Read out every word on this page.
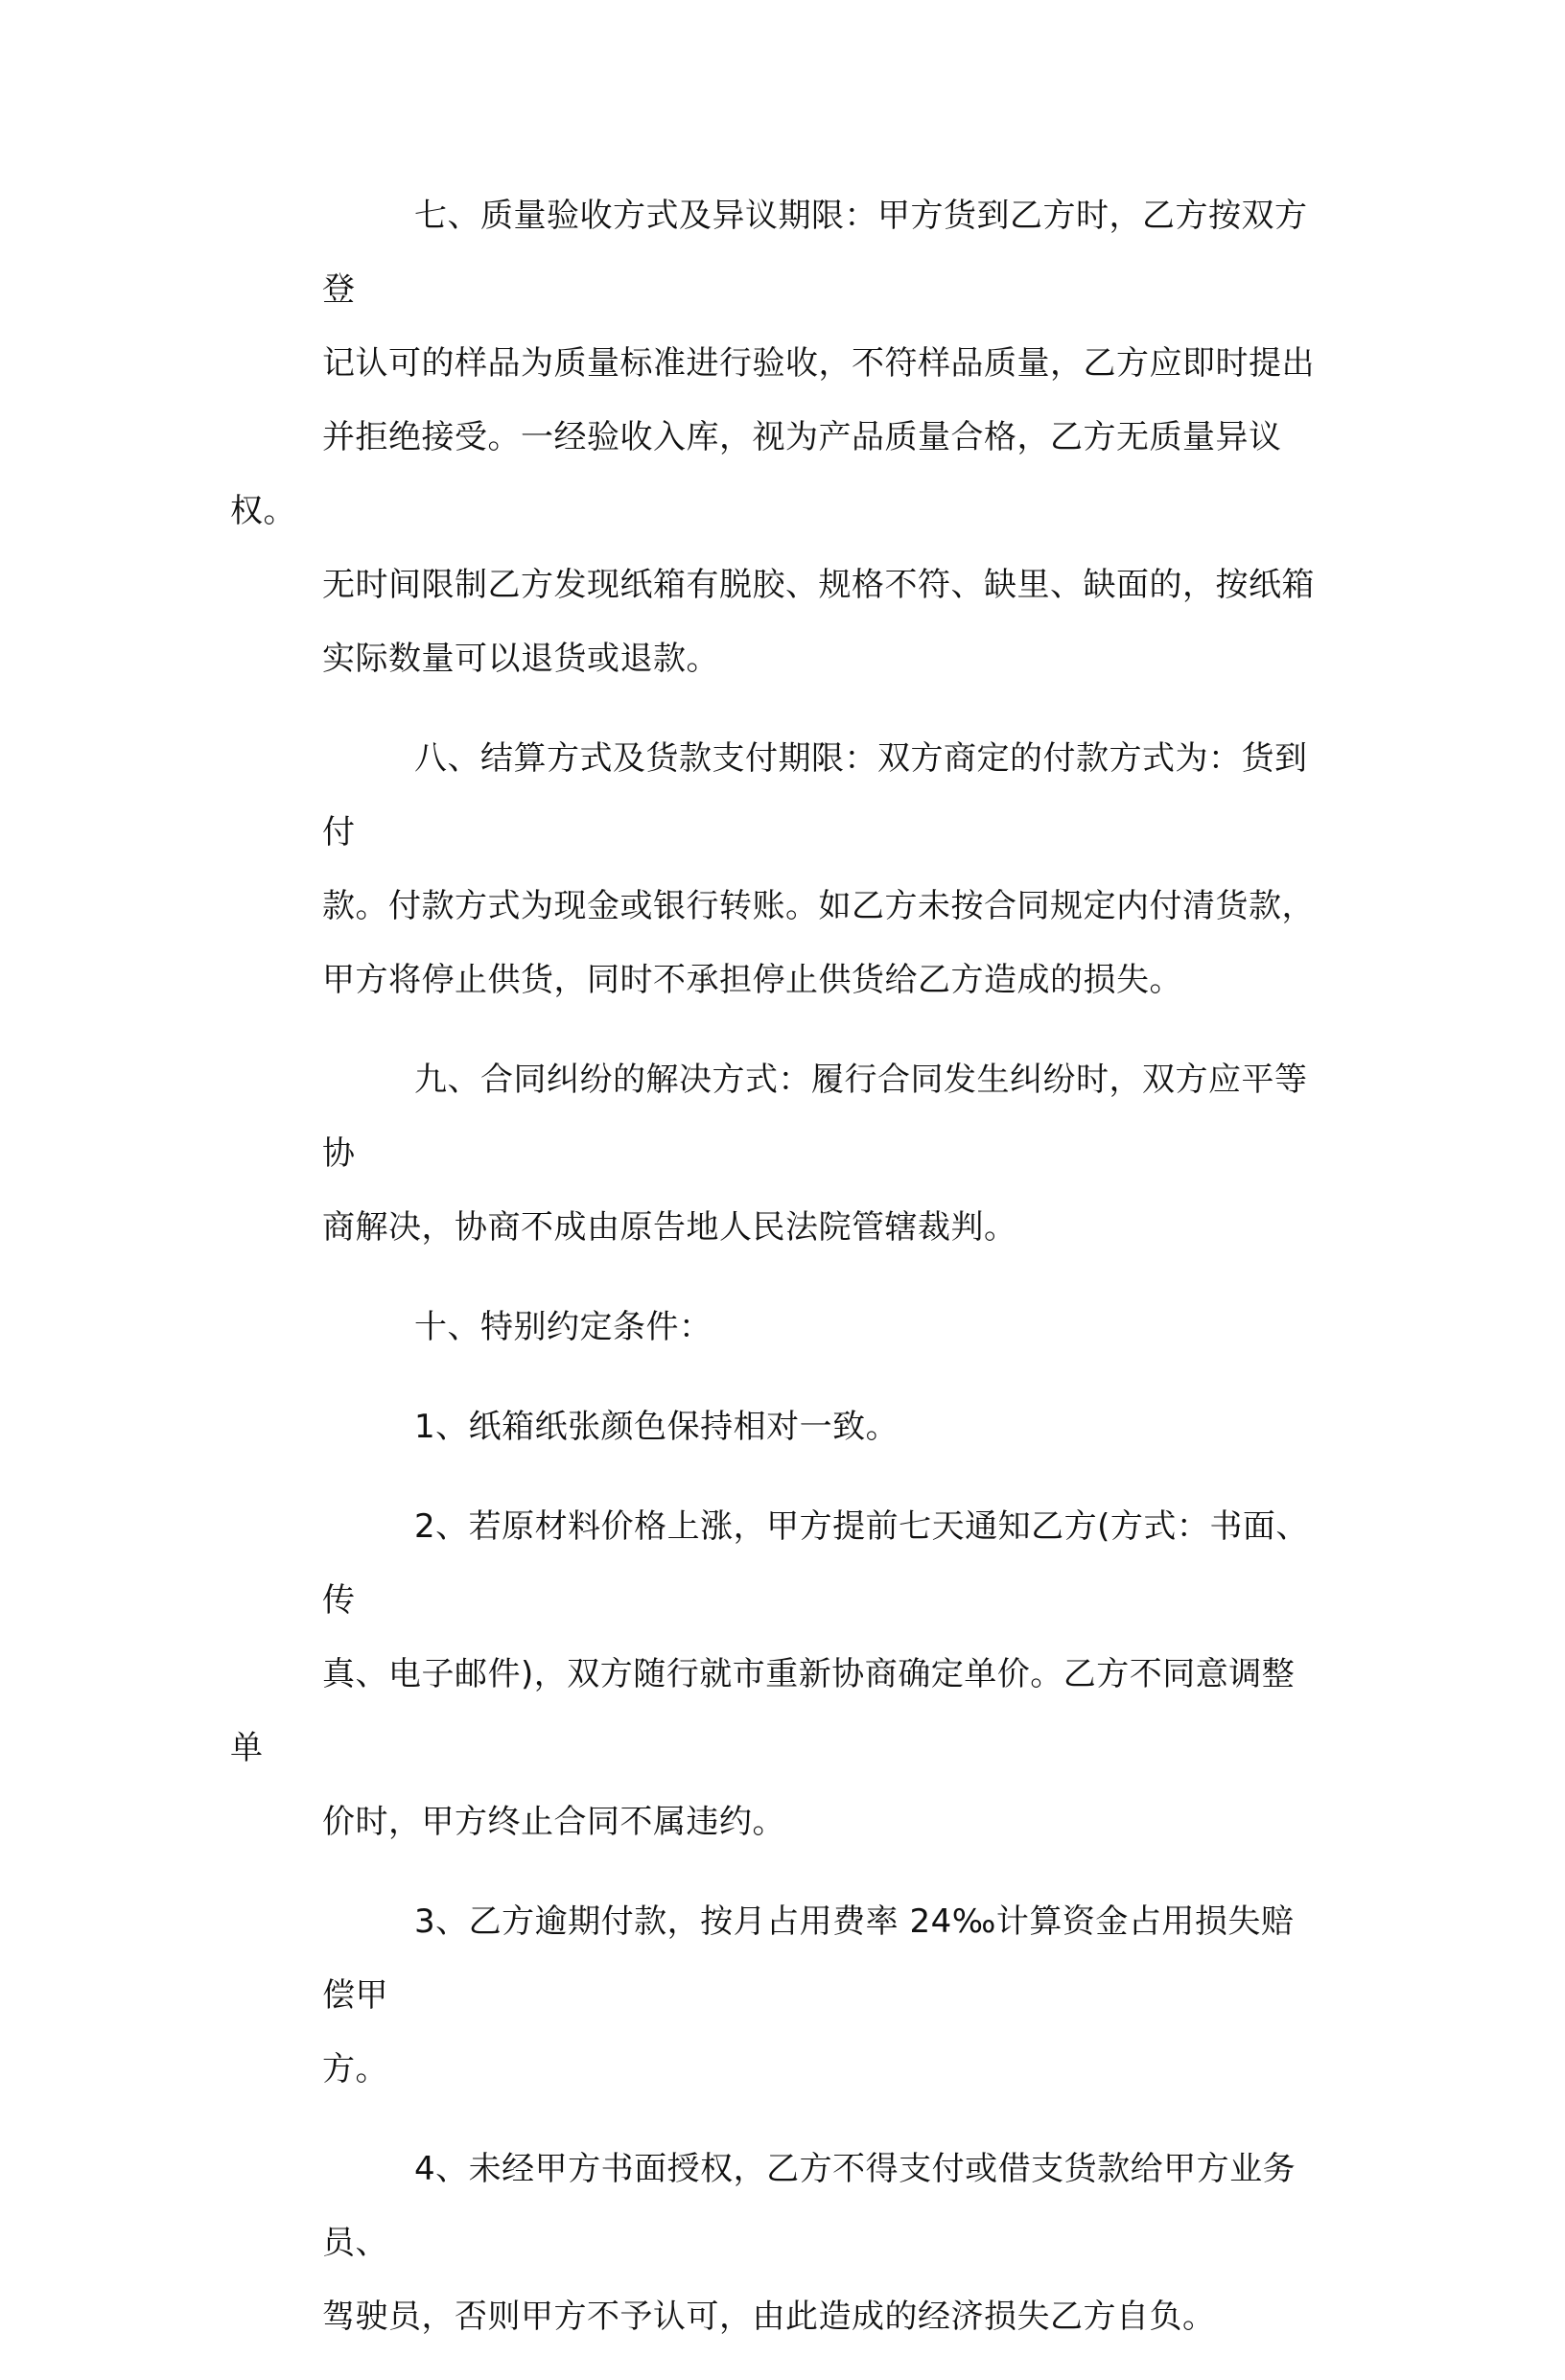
七、质量验收方式及异议期限：甲方货到乙方时，乙方按双方登
记认可的样品为质量标准进行验收，不符样品质量，乙方应即时提出
并拒绝接受。一经验收入库，视为产品质量合格，乙方无质量异议权。
无时间限制乙方发现纸箱有脱胶、规格不符、缺里、缺面的，按纸箱
实际数量可以退货或退款。
八、结算方式及货款支付期限：双方商定的付款方式为：货到付
款。付款方式为现金或银行转账。如乙方未按合同规定内付清货款，
甲方将停止供货，同时不承担停止供货给乙方造成的损失。
九、合同纠纷的解决方式：履行合同发生纠纷时，双方应平等协
商解决，协商不成由原告地人民法院管辖裁判。
十、特别约定条件：
1、纸箱纸张颜色保持相对一致。
2、若原材料价格上涨，甲方提前七天通知乙方(方式：书面、传
真、电子邮件)，双方随行就市重新协商确定单价。乙方不同意调整单
价时，甲方终止合同不属违约。
3、乙方逾期付款，按月占用费率 24‰计算资金占用损失赔偿甲
方。
4、未经甲方书面授权，乙方不得支付或借支货款给甲方业务员、
驾驶员，否则甲方不予认可，由此造成的经济损失乙方自负。
